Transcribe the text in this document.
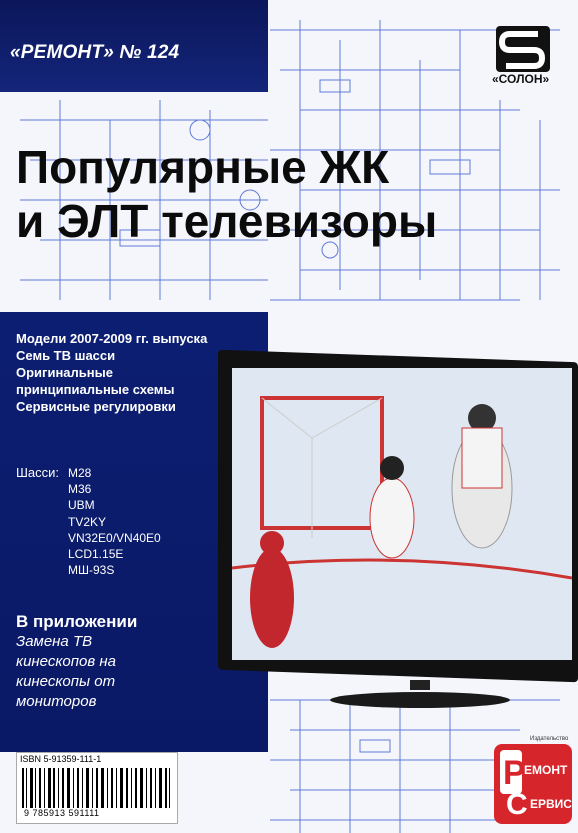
«РЕМОНТ» № 124
«СОЛОН»
Популярные ЖК
и ЭЛТ телевизоры
Модели 2007-2009 гг. выпуска
Семь ТВ шасси
Оригинальные
принципиальные схемы
Сервисные регулировки
Шасси: M28
M36
UBM
TV2KY
VN32E0/VN40E0
LCD1.15E
МШ-93S
В приложении
Замена ТВ
кинескопов на
кинескопы от
мониторов
ISBN 5-91359-111-1
9 785913 591111
Издательство
Р
ЕМОНТ
С ЕРВИС
